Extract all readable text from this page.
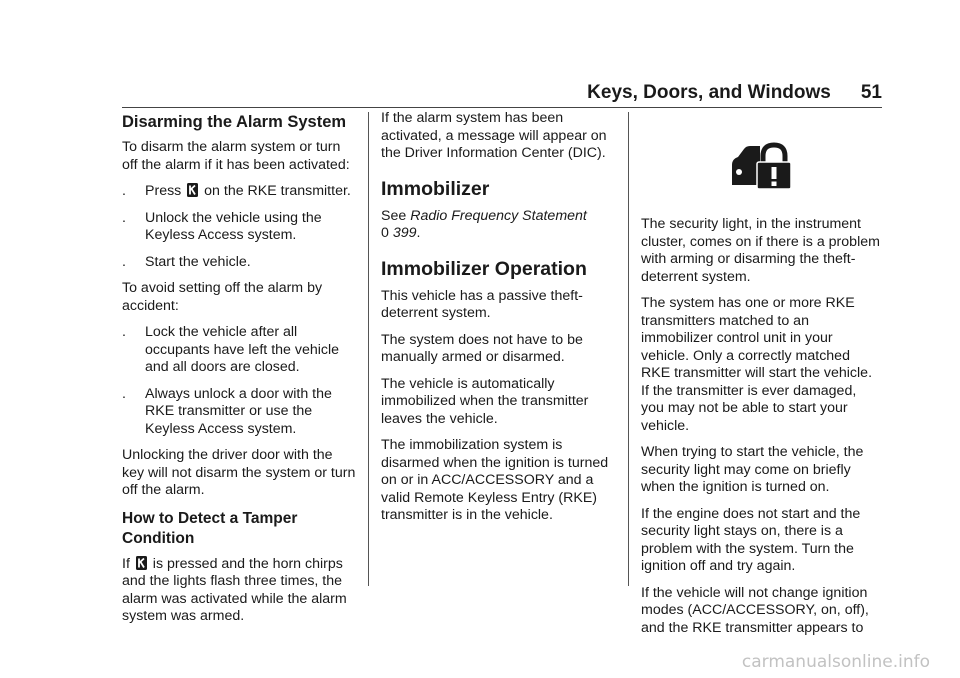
Keys, Doors, and Windows 51
Disarming the Alarm System

To disarm the alarm system or turn off the alarm if it has been activated:

.	Press on the RKE transmitter.
.	Unlock the vehicle using the Keyless Access system.
.	Start the vehicle.

To avoid setting off the alarm by accident:

.	Lock the vehicle after all occupants have left the vehicle and all doors are closed.
.	Always unlock a door with the RKE transmitter or use the Keyless Access system.

Unlocking the driver door with the key will not disarm the system or turn off the alarm.

How to Detect a Tamper Condition

If is pressed and the horn chirps and the lights flash three times, the alarm was activated while the alarm system was armed.

If the alarm system has been activated, a message will appear on the Driver Information Center (DIC).

Immobilizer

See Radio Frequency Statement
0 399.

Immobilizer Operation

This vehicle has a passive theft-deterrent system.

The system does not have to be manually armed or disarmed.

The vehicle is automatically immobilized when the transmitter leaves the vehicle.

The immobilization system is disarmed when the ignition is turned on or in ACC/ACCESSORY and a valid Remote Keyless Entry (RKE) transmitter is in the vehicle.

The security light, in the instrument cluster, comes on if there is a problem with arming or disarming the theft-deterrent system.

The system has one or more RKE transmitters matched to an immobilizer control unit in your vehicle. Only a correctly matched RKE transmitter will start the vehicle. If the transmitter is ever damaged, you may not be able to start your vehicle.

When trying to start the vehicle, the security light may come on briefly when the ignition is turned on.

If the engine does not start and the security light stays on, there is a problem with the system. Turn the ignition off and try again.

If the vehicle will not change ignition modes (ACC/ACCESSORY, on, off), and the RKE transmitter appears to

carmanualsonline.info
